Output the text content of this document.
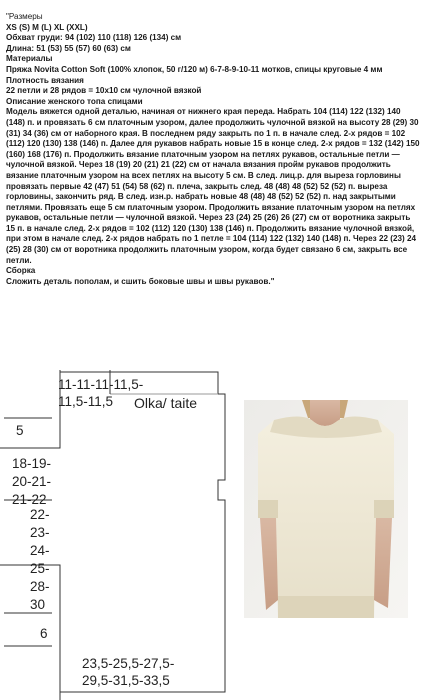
"Размеры

XS (S) M (L) XL (XXL)

Обхват груди: 94 (102) 110 (118) 126 (134) см

Длина: 51 (53) 55 (57) 60 (63) см

Материалы

Пряжа Novita Cotton Soft (100% хлопок, 50 г/120 м) 6-7-8-9-10-11 мотков, спицы круговые 4 мм

Плотность вязания

22 петли и 28 рядов = 10х10 см чулочной вязкой

Описание женского топа спицами

Модель вяжется одной деталью, начиная от нижнего края переда. Набрать 104 (114) 122 (132) 140 (148) п. и провязать 6 см платочным узором, далее продолжить чулочной вязкой на высоту 28 (29) 30 (31) 34 (36) см от наборного края. В последнем ряду закрыть по 1 п. в начале след. 2-х рядов = 102 (112) 120 (130) 138 (146) п. Далее для рукавов набрать новые 15 в конце след. 2-х рядов = 132 (142) 150 (160) 168 (176) п. Продолжить вязание платочным узором на петлях рукавов, остальные петли — чулочной вязкой. Через 18 (19) 20 (21) 21 (22) см от начала вязания пройм рукавов продолжить вязание платочным узором на всех петлях на высоту 5 см. В след. лиц.р. для выреза горловины провязать первые 42 (47) 51 (54) 58 (62) п. плеча, закрыть след. 48 (48) 48 (52) 52 (52) п. выреза горловины, закончить ряд. В след. изн.р. набрать новые 48 (48) 48 (52) 52 (52) п. над закрытыми петлями. Провязать еще 5 см платочным узором. Продолжить вязание платочным узором на петлях рукавов, остальные петли — чулочной вязкой. Через 23 (24) 25 (26) 26 (27) см от воротника закрыть 15 п. в начале след. 2-х рядов = 102 (112) 120 (130) 138 (146) п. Продолжить вязание чулочной вязкой, при этом в начале след. 2-х рядов набрать по 1 петле = 104 (114) 122 (132) 140 (148) п. Через 22 (23) 24 (25) 28 (30) см от воротника продолжить платочным узором, когда будет связано 6 см, закрыть все петли.

Сборка

Сложить деталь пополам, и сшить боковые швы и швы рукавов."

11-11-11-11,5-
11,5-11,5 Olka/ taite
5
18-19-
20-21-
21-22
22-
23-
24-
25-
28-
30
6
23,5-25,5-27,5-
29,5-31,5-33,5
